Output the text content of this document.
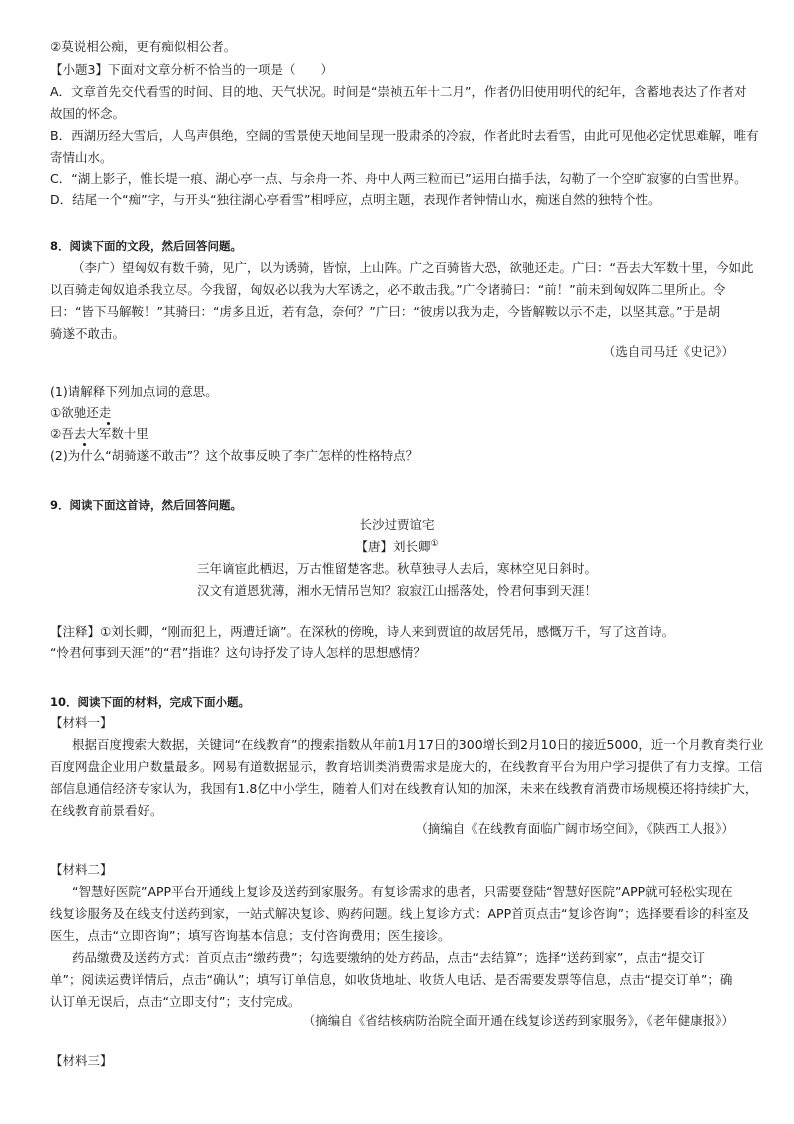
②莫说相公痴，更有痴似相公者。
【小题3】下面对文章分析不恰当的一项是（　　）
A．文章首先交代看雪的时间、目的地、天气状况。时间是“崇祯五年十二月”，作者仍旧使用明代的纪年，含蓄地表达了作者对
故国的怀念。
B．西湖历经大雪后，人鸟声俱绝，空阔的雪景使天地间呈现一股肃杀的冷寂，作者此时去看雪，由此可见他必定忧思难解，唯有
寄情山水。
C．“湖上影子，惟长堤一痕、湖心亭一点、与余舟一芥、舟中人两三粒而已”运用白描手法，勾勒了一个空旷寂寥的白雪世界。
D．结尾一个“痴”字，与开头“独往湖心亭看雪”相呼应，点明主题，表现作者钟情山水，痴迷自然的独特个性。
8．阅读下面的文段，然后回答问题。
（李广）望匈奴有数千骑，见广，以为诱骑，皆惊，上山阵。广之百骑皆大恐，欲驰还走。广曰：“吾去大军数十里，今如此
以百骑走匈奴追杀我立尽。今我留，匈奴必以我为大军诱之，必不敢击我。”广令诸骑曰：“前！”前未到匈奴阵二里所止。令
曰：“皆下马解鞍！”其骑曰：“虏多且近，若有急，奈何？”广曰：“彼虏以我为走，今皆解鞍以示不走，以坚其意。”于是胡
骑遂不敢击。
（选自司马迁《史记》）
(1)请解释下列加点词的意思。
①欲驰还走
②吾去大军数十里
(2)为什么“胡骑遂不敢击”？这个故事反映了李广怎样的性格特点？
9．阅读下面这首诗，然后回答问题。
长沙过贾谊宅
【唐】刘长卿①
三年谪宦此栖迟，万古惟留楚客悲。秋草独寻人去后，寒林空见日斜时。
汉文有道恩犹薄，湘水无情吊岂知？寂寂江山摇落处，怜君何事到天涯！
【注释】①刘长卿，“刚而犯上，两遭迁谪”。在深秋的傍晚，诗人来到贾谊的故居凭吊，感慨万千，写了这首诗。
“怜君何事到天涯”的“君”指谁？这句诗抒发了诗人怎样的思想感情？
10．阅读下面的材料，完成下面小题。
【材料一】
根据百度搜索大数据，关键词“在线教育”的搜索指数从年前1月17日的300增长到2月10日的接近5000，近一个月教育类行业
百度网盘企业用户数量最多。网易有道数据显示，教育培训类消费需求是庞大的，在线教育平台为用户学习提供了有力支撑。工信
部信息通信经济专家认为，我国有1.8亿中小学生，随着人们对在线教育认知的加深，未来在线教育消费市场规模还将持续扩大，
在线教育前景看好。
（摘编自《在线教育面临广阔市场空间》，《陕西工人报》）
【材料二】
“智慧好医院”APP平台开通线上复诊及送药到家服务。有复诊需求的患者，只需要登陆“智慧好医院”APP就可轻松实现在
线复诊服务及在线支付送药到家，一站式解决复诊、购药问题。线上复诊方式：APP首页点击“复诊咨询”；选择要看诊的科室及
医生，点击“立即咨询”；填写咨询基本信息；支付咨询费用；医生接诊。
药品缴费及送药方式：首页点击“缴药费”；勾选要缴纳的处方药品，点击“去结算”；选择“送药到家”，点击“提交订
单”；阅读运费详情后，点击“确认”；填写订单信息，如收货地址、收货人电话、是否需要发票等信息，点击“提交订单”；确
认订单无误后，点击“立即支付”；支付完成。
（摘编自《省结核病防治院全面开通在线复诊送药到家服务》，《老年健康报》）
【材料三】
